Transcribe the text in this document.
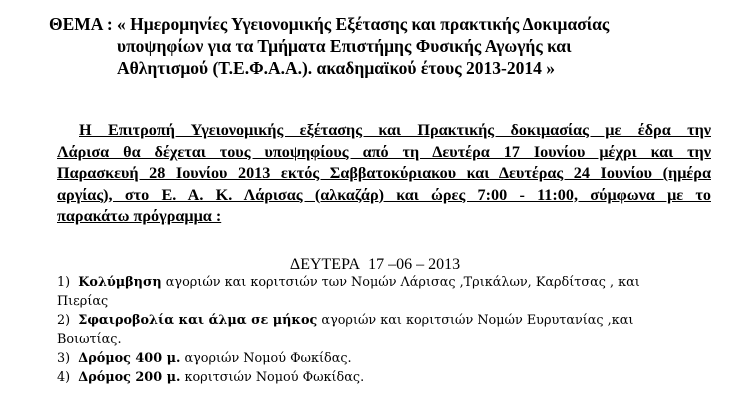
ΘΕΜΑ : « Ημερομηνίες Υγειονομικής Εξέτασης και πρακτικής Δοκιμασίας
υποψηφίων για τα Τμήματα Επιστήμης Φυσικής Αγωγής και
Αθλητισμού (Τ.Ε.Φ.Α.Α.). ακαδημαϊκού έτους 2013-2014 »
Η Επιτροπή Υγειονομικής εξέτασης και Πρακτικής δοκιμασίας με έδρα την
Λάρισα θα δέχεται τους υποψηφίους από τη Δευτέρα 17 Ιουνίου μέχρι και την
Παρασκευή 28 Ιουνίου 2013 εκτός Σαββατοκύριακου και Δευτέρας 24 Ιουνίου (ημέρα
αργίας), στο Ε. Α. Κ. Λάρισας (αλκαζάρ) και ώρες 7:00 - 11:00, σύμφωνα με το
παρακάτω πρόγραμμα :
ΔΕΥΤΕΡΑ 17 –06 – 2013
1) Κολύμβηση αγοριών και κοριτσιών των Νομών Λάρισας ,Τρικάλων, Καρδίτσας , και
Πιερίας
2) Σφαιροβολία και άλμα σε μήκος αγοριών και κοριτσιών Νομών Ευρυτανίας ,και
Βοιωτίας.
3) Δρόμος 400 μ. αγοριών Νομού Φωκίδας.
4) Δρόμος 200 μ. κοριτσιών Νομού Φωκίδας.
